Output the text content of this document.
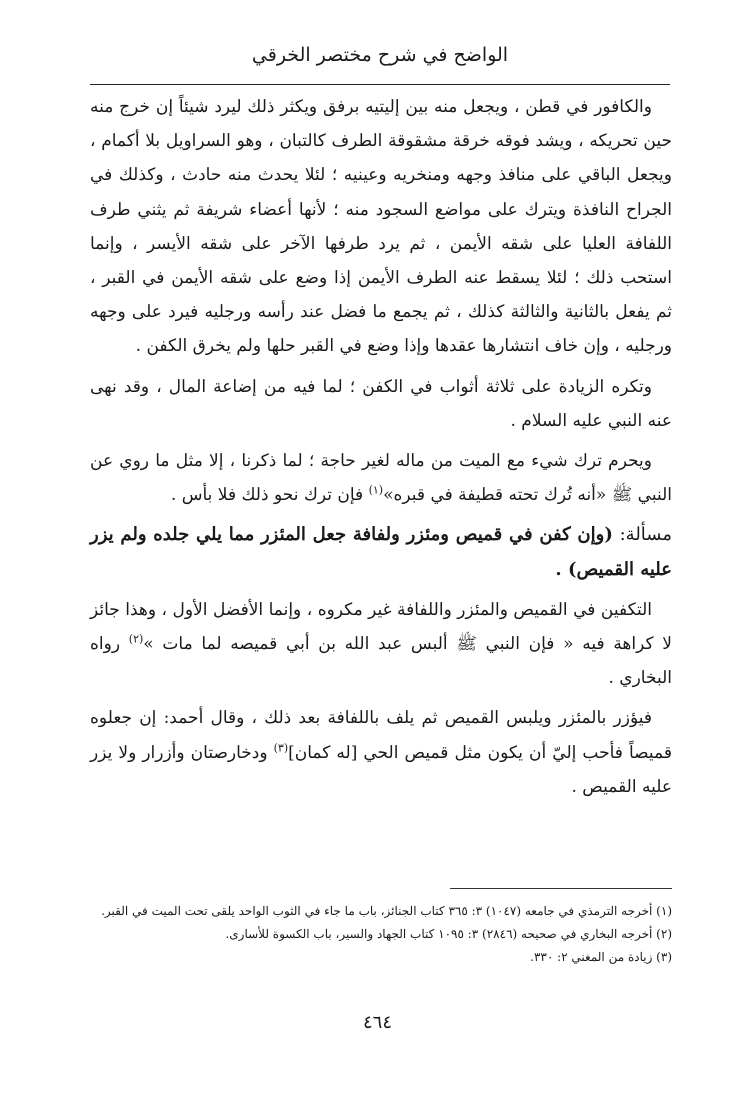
الواضح في شرح مختصر الخرقي

والكافور في قطن ، ويجعل منه بين إليتيه برفق ويكثر ذلك ليرد شيئاً إن خرج منه حين تحريكه ، ويشد فوقه خرقة مشقوقة الطرف كالتبان ، وهو السراويل بلا أكمام ، ويجعل الباقي على منافذ وجهه ومنخريه وعينيه ؛ لئلا يحدث منه حادث ، وكذلك في الجراح النافذة ويترك على مواضع السجود منه ؛ لأنها أعضاء شريفة ثم يثني طرف اللفافة العليا على شقه الأيمن ، ثم يرد طرفها الآخر على شقه الأيسر ، وإنما استحب ذلك ؛ لئلا يسقط عنه الطرف الأيمن إذا وضع على شقه الأيمن في القبر ، ثم يفعل بالثانية والثالثة كذلك ، ثم يجمع ما فضل عند رأسه ورجليه فيرد على وجهه ورجليه ، وإن خاف انتشارها عقدها وإذا وضع في القبر حلها ولم يخرق الكفن .

وتكره الزيادة على ثلاثة أثواب في الكفن ؛ لما فيه من إضاعة المال ، وقد نهى عنه النبي عليه السلام .

ويحرم ترك شيء مع الميت من ماله لغير حاجة ؛ لما ذكرنا ، إلا مثل ما روي عن النبي ﷺ «أنه تُرك تحته قطيفة في قبره»$^{(١)}$ فإن ترك نحو ذلك فلا بأس .

مسألة: (وإن كفن في قميص ومئزر ولفافة جعل المئزر مما يلي جلده ولم يزر عليه القميص) .

التكفين في القميص والمئزر واللفافة غير مكروه ، وإنما الأفضل الأول ، وهذا جائز لا كراهة فيه « فإن النبي ﷺ ألبس عبد الله بن أبي قميصه لما مات »$^{(٢)}$ رواه البخاري .

فيؤزر بالمئزر ويلبس القميص ثم يلف باللفافة بعد ذلك ، وقال أحمد: إن جعلوه قميصاً فأحب إليّ أن يكون مثل قميص الحي [له كمان]$^{(٣)}$ ودخارصتان وأزرار ولا يزر عليه القميص .

(١) أخرجه الترمذي في جامعه (١٠٤٧) ٣: ٣٦٥ كتاب الجنائز، باب ما جاء في الثوب الواحد يلقى تحت الميت في القبر.

(٢) أخرجه البخاري في صحيحه (٢٨٤٦) ٣: ١٠٩٥ كتاب الجهاد والسير، باب الكسوة للأسارى.

(٣) زيادة من المغني ٢: ٣٣٠.

٤٦٤
